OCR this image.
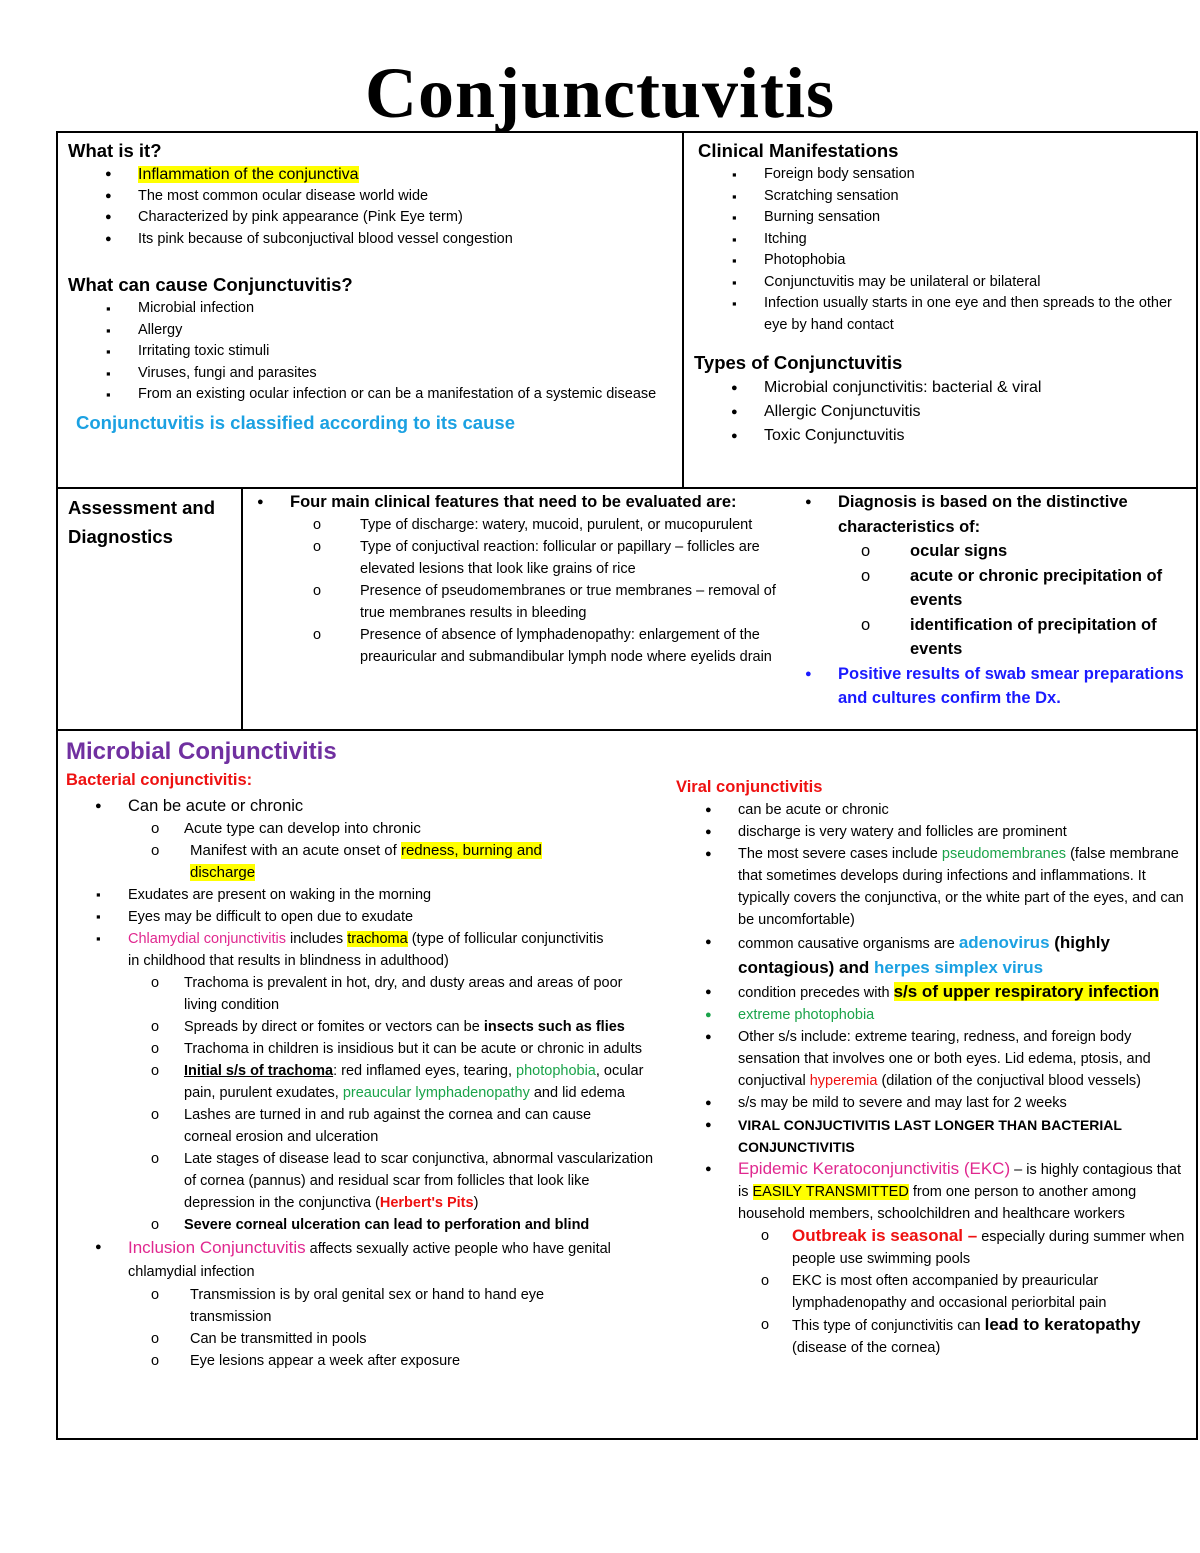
Conjunctuvitis
What is it?
● Inflammation of the conjunctiva
● The most common ocular disease world wide
● Characterized by pink appearance (Pink Eye term)
● Its pink because of subconjuctival blood vessel congestion
What can cause Conjunctuvitis?
▪ Microbial infection
▪ Allergy
▪ Irritating toxic stimuli
▪ Viruses, fungi and parasites
▪ From an existing ocular infection or can be a manifestation of a systemic disease
Conjunctuvitis is classified according to its cause
Clinical Manifestations
▪ Foreign body sensation
▪ Scratching sensation
▪ Burning sensation
▪ Itching
▪ Photophobia
▪ Conjunctuvitis may be unilateral or bilateral
▪ Infection usually starts in one eye and then spreads to the other eye by hand contact
Types of Conjunctuvitis
● Microbial conjunctivitis: bacterial & viral
● Allergic Conjunctuvitis
● Toxic Conjunctuvitis
Assessment and Diagnostics
● Four main clinical features that need to be evaluated are:
o Type of discharge: watery, mucoid, purulent, or mucopurulent
o Type of conjuctival reaction: follicular or papillary – follicles are elevated lesions that look like grains of rice
o Presence of pseudomembranes or true membranes – removal of true membranes results in bleeding
o Presence of absence of lymphadenopathy: enlargement of the preauricular and submandibular lymph node where eyelids drain
● Diagnosis is based on the distinctive characteristics of:
o ocular signs
o acute or chronic precipitation of events
o identification of precipitation of events
● Positive results of swab smear preparations and cultures confirm the Dx.
Microbial Conjunctivitis
Bacterial conjunctivitis:
● Can be acute or chronic
o Acute type can develop into chronic
o Manifest with an acute onset of redness, burning and discharge
▪ Exudates are present on waking in the morning
▪ Eyes may be difficult to open due to exudate
▪ Chlamydial conjunctivitis includes trachoma (type of follicular conjunctivitis in childhood that results in blindness in adulthood)
o Trachoma is prevalent in hot, dry, and dusty areas and areas of poor living condition
o Spreads by direct or fomites or vectors can be insects such as flies
o Trachoma in children is insidious but it can be acute or chronic in adults
o Initial s/s of trachoma: red inflamed eyes, tearing, photophobia, ocular pain, purulent exudates, preaucular lymphadenopathy and lid edema
o Lashes are turned in and rub against the cornea and can cause corneal erosion and ulceration
o Late stages of disease lead to scar conjunctiva, abnormal vascularization of cornea (pannus) and residual scar from follicles that look like depression in the conjunctiva (Herbert's Pits)
o Severe corneal ulceration can lead to perforation and blind
● Inclusion Conjunctuvitis affects sexually active people who have genital chlamydial infection
o Transmission is by oral genital sex or hand to hand eye transmission
o Can be transmitted in pools
o Eye lesions appear a week after exposure
Viral conjunctivitis
● can be acute or chronic
● discharge is very watery and follicles are prominent
● The most severe cases include pseudomembranes (false membrane that sometimes develops during infections and inflammations. It typically covers the conjunctiva, or the white part of the eyes, and can be uncomfortable)
● common causative organisms are adenovirus (highly contagious) and herpes simplex virus
● condition precedes with s/s of upper respiratory infection
● extreme photophobia
● Other s/s include: extreme tearing, redness, and foreign body sensation that involves one or both eyes. Lid edema, ptosis, and conjuctival hyperemia (dilation of the conjuctival blood vessels)
● s/s may be mild to severe and may last for 2 weeks
● VIRAL CONJUCTIVITIS LAST LONGER THAN BACTERIAL CONJUNCTIVITIS
● Epidemic Keratoconjunctivitis (EKC) – is highly contagious that is EASILY TRANSMITTED from one person to another among household members, schoolchildren and healthcare workers
o Outbreak is seasonal – especially during summer when people use swimming pools
o EKC is most often accompanied by preauricular lymphadenopathy and occasional periorbital pain
o This type of conjunctivitis can lead to keratopathy (disease of the cornea)
